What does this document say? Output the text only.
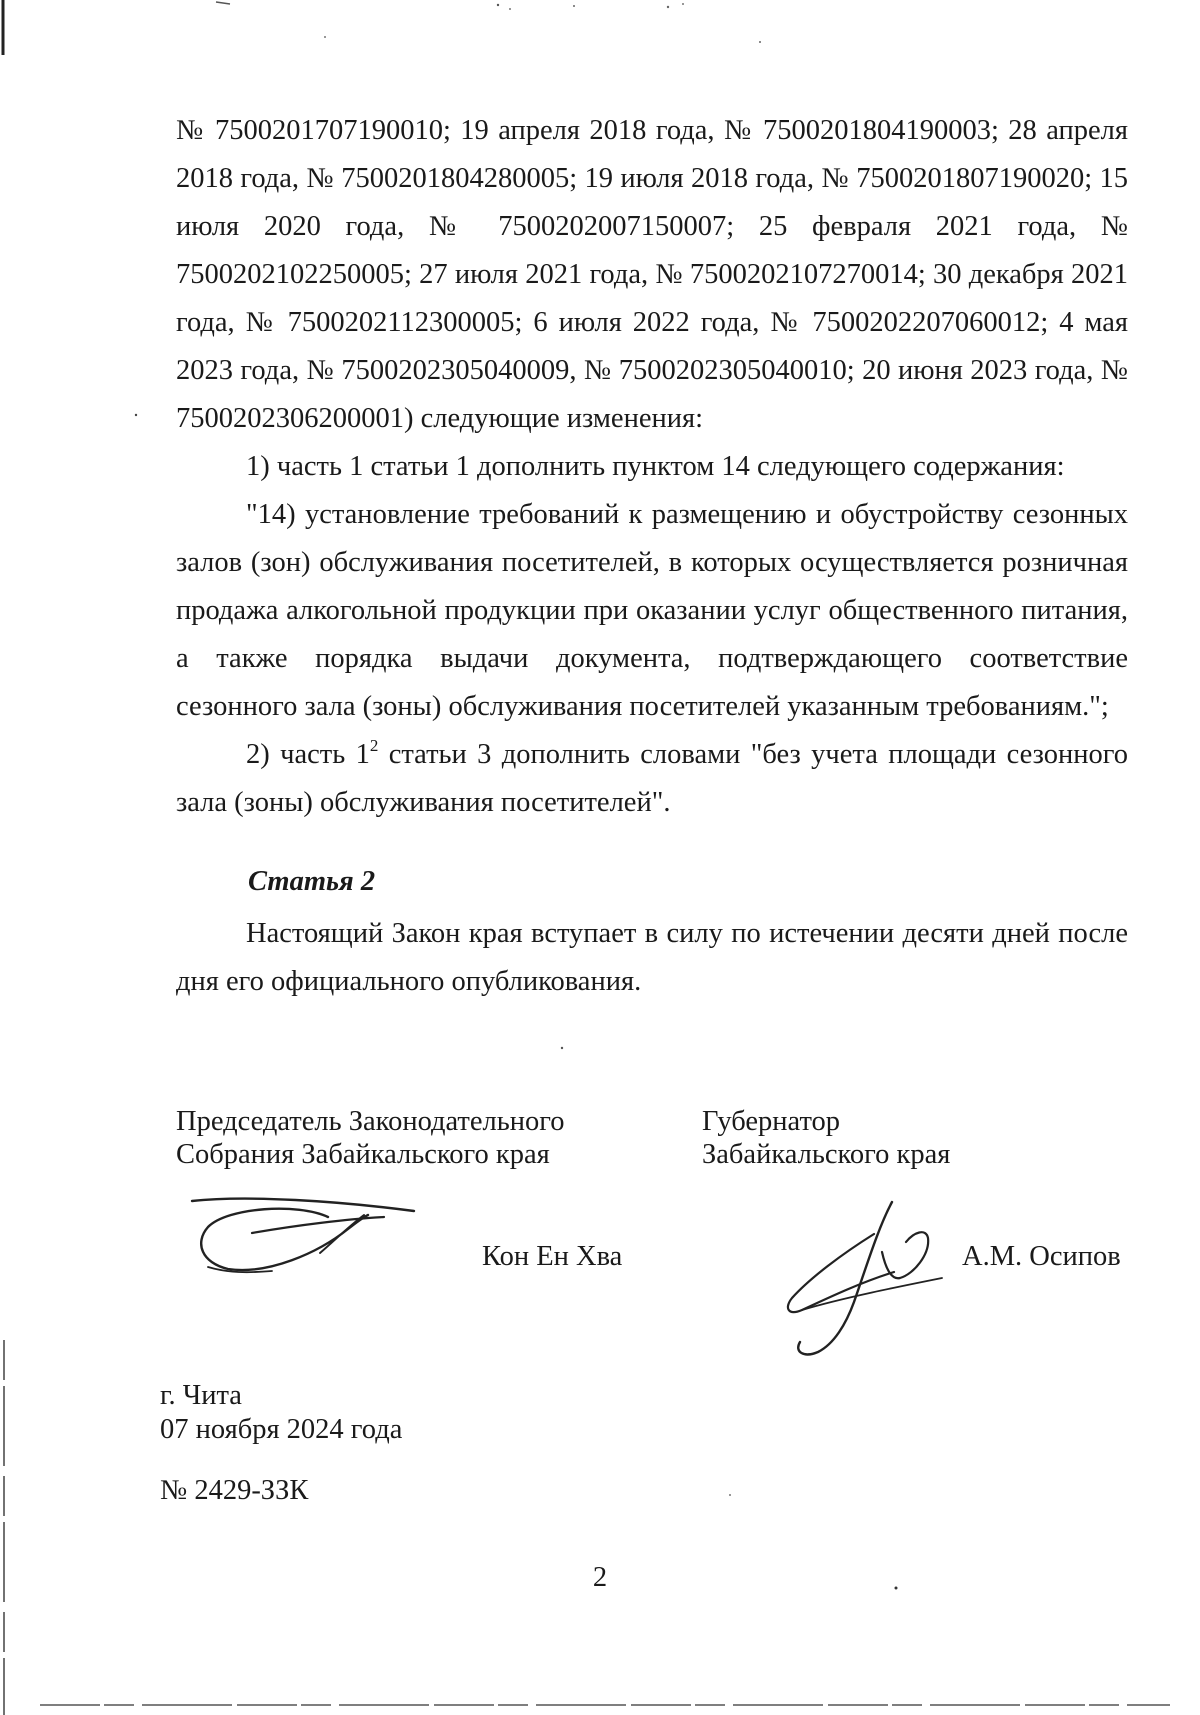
№ 7500201707190010; 19 апреля 2018 года, № 7500201804190003; 28 апреля 2018 года, № 7500201804280005; 19 июля 2018 года, № 7500201807190020; 15 июля 2020 года, № 7500202007150007; 25 февраля 2021 года, № 7500202102250005; 27 июля 2021 года, № 7500202107270014; 30 декабря 2021 года, № 7500202112300005; 6 июля 2022 года, № 7500202207060012; 4 мая 2023 года, № 7500202305040009, № 7500202305040010; 20 июня 2023 года, № 7500202306200001) следующие изменения:

1) часть 1 статьи 1 дополнить пунктом 14 следующего содержания:

"14) установление требований к размещению и обустройству сезонных залов (зон) обслуживания посетителей, в которых осуществляется розничная продажа алкогольной продукции при оказании услуг общественного питания, а также порядка выдачи документа, подтверждающего соответствие сезонного зала (зоны) обслуживания посетителей указанным требованиям.";

2) часть $1^2$ статьи 3 дополнить словами "без учета площади сезонного зала (зоны) обслуживания посетителей".

Статья 2

Настоящий Закон края вступает в силу по истечении десяти дней после дня его официального опубликования.

Председатель Законодательного
Собрания Забайкальского края
Губернатор
Забайкальского края
Кон Ен Хва	А.М. Осипов
г. Чита
07 ноября 2024 года
№ 2429-ЗЗК
2
